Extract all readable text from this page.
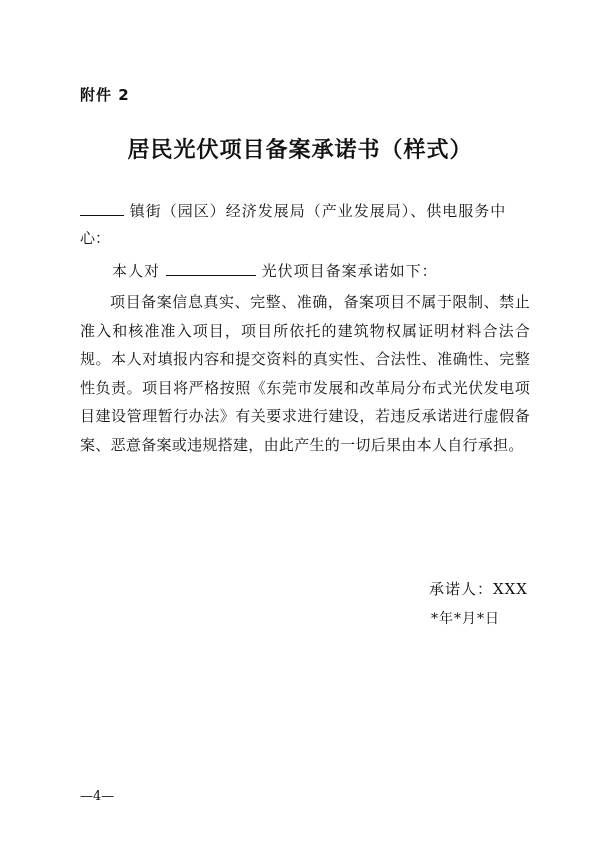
附件 2
居民光伏项目备案承诺书（样式）
镇街（园区）经济发展局（产业发展局）、供电服务中
心：
本人对	光伏项目备案承诺如下：
项目备案信息真实、完整、准确，备案项目不属于限制、禁止准入和核准准入项目，项目所依托的建筑物权属证明材料合法合规。本人对填报内容和提交资料的真实性、合法性、准确性、完整性负责。项目将严格按照《东莞市发展和改革局分布式光伏发电项目建设管理暂行办法》有关要求进行建设，若违反承诺进行虚假备案、恶意备案或违规搭建，由此产生的一切后果由本人自行承担。
承诺人：XXX
*年*月*日
—4—
